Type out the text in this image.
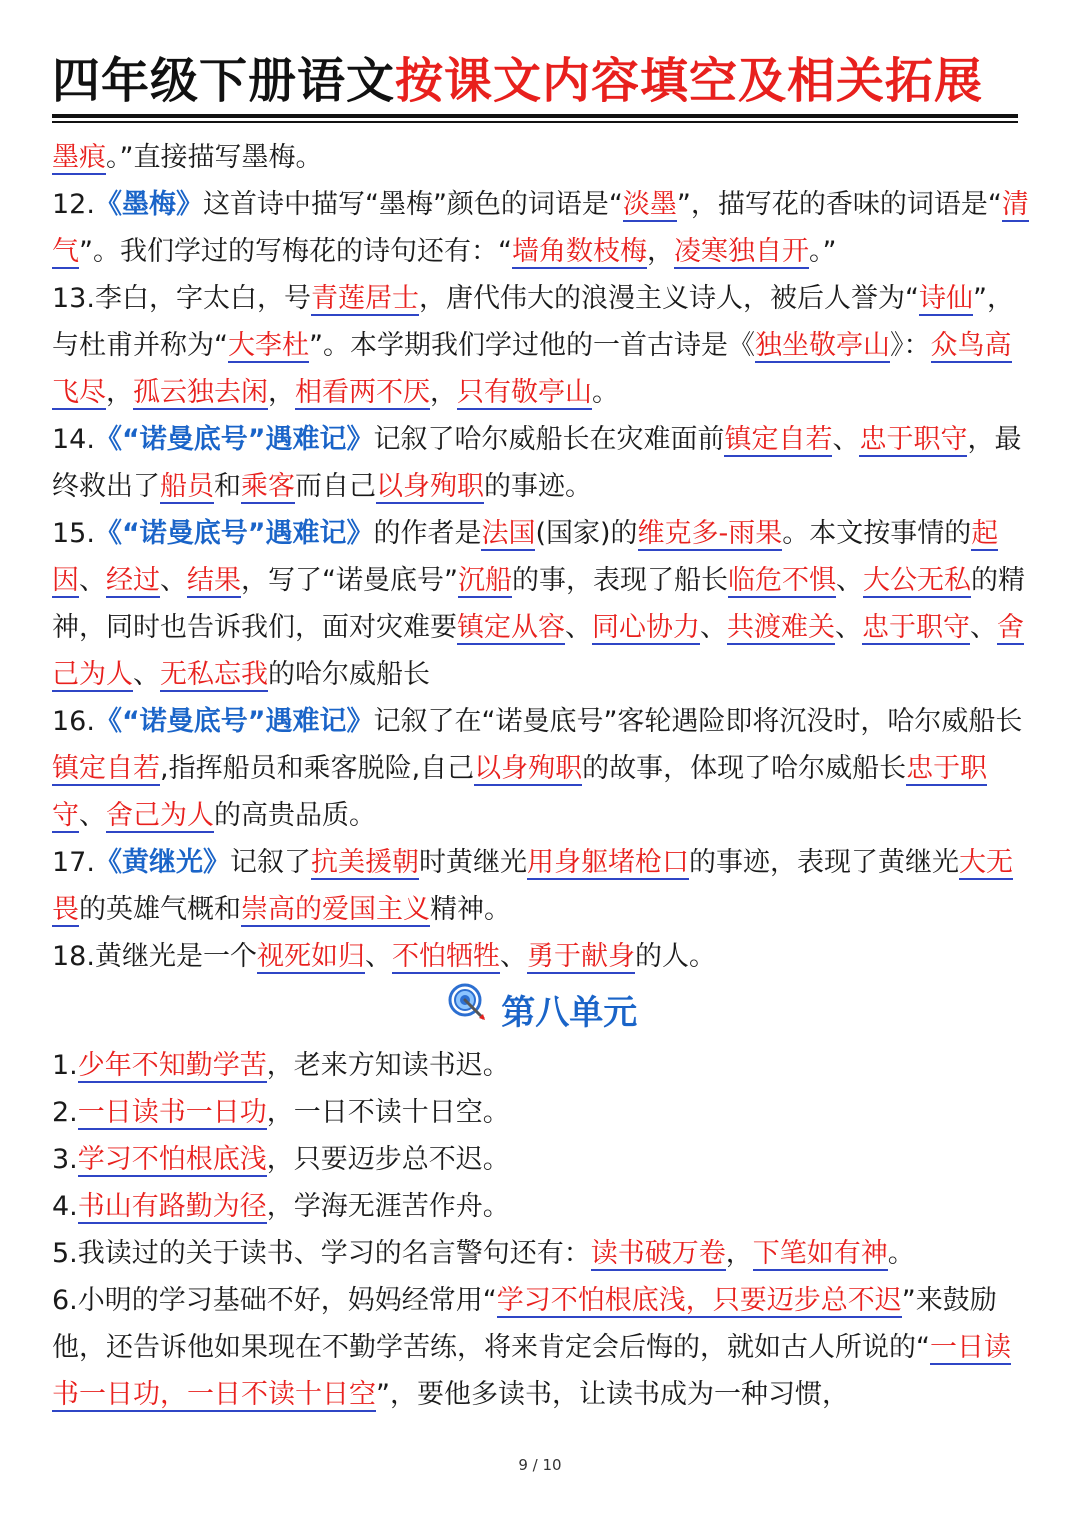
四年级下册语文按课文内容填空及相关拓展

墨痕。”直接描写墨梅。

12.《墨梅》这首诗中描写“墨梅”颜色的词语是“淡墨”，描写花的香味的词语是“清气”。我们学过的写梅花的诗句还有：“墙角数枝梅，凌寒独自开。”

13.李白，字太白，号青莲居士，唐代伟大的浪漫主义诗人，被后人誉为“诗仙”，与杜甫并称为“大李杜”。本学期我们学过他的一首古诗是《独坐敬亭山》：众鸟高飞尽，孤云独去闲，相看两不厌，只有敬亭山。

14.《“诺曼底号”遇难记》记叙了哈尔威船长在灾难面前镇定自若、忠于职守，最终救出了船员和乘客而自己以身殉职的事迹。

15.《“诺曼底号”遇难记》的作者是法国(国家)的维克多-雨果。本文按事情的起因、经过、结果，写了“诺曼底号”沉船的事，表现了船长临危不惧、大公无私的精神，同时也告诉我们，面对灾难要镇定从容、同心协力、共渡难关、忠于职守、舍己为人、无私忘我的哈尔威船长

16.《“诺曼底号”遇难记》记叙了在“诺曼底号”客轮遇险即将沉没时，哈尔威船长镇定自若,指挥船员和乘客脱险,自己以身殉职的故事，体现了哈尔威船长忠于职守、舍己为人的高贵品质。

17.《黄继光》记叙了抗美援朝时黄继光用身躯堵枪口的事迹，表现了黄继光大无畏的英雄气概和崇高的爱国主义精神。

18.黄继光是一个视死如归、不怕牺牲、勇于献身的人。

第八单元

1.少年不知勤学苦，老来方知读书迟。

2.一日读书一日功，一日不读十日空。

3.学习不怕根底浅，只要迈步总不迟。

4.书山有路勤为径，学海无涯苦作舟。

5.我读过的关于读书、学习的名言警句还有：读书破万卷，下笔如有神。

6.小明的学习基础不好，妈妈经常用“学习不怕根底浅，只要迈步总不迟”来鼓励他，还告诉他如果现在不勤学苦练，将来肯定会后悔的，就如古人所说的“一日读书一日功，一日不读十日空”，要他多读书，让读书成为一种习惯，

9 / 10
